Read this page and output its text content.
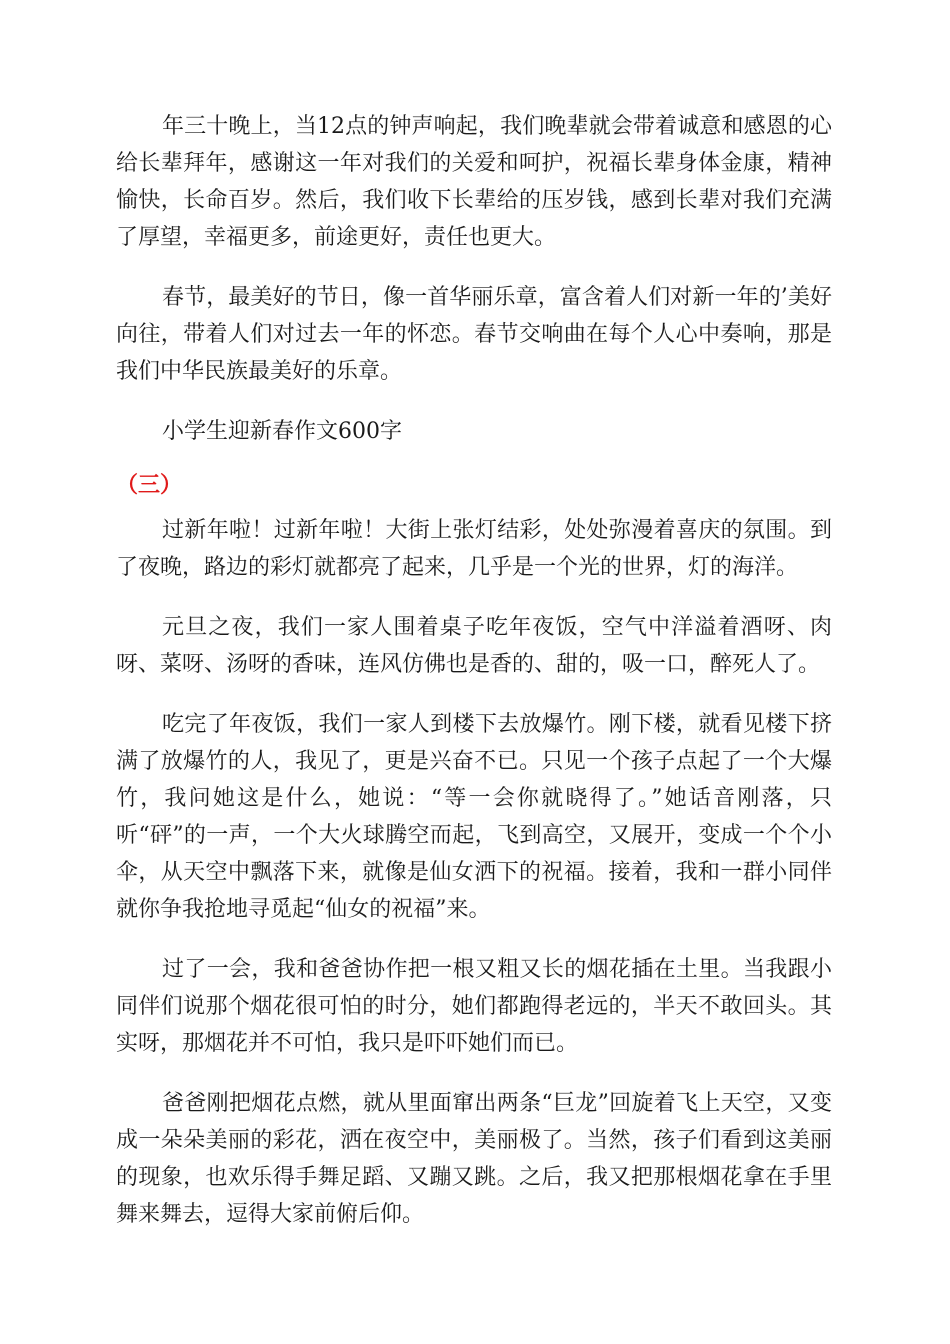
年三十晚上，当12点的钟声响起，我们晚辈就会带着诚意和感恩的心给长辈拜年，感谢这一年对我们的关爱和呵护，祝福长辈身体金康，精神愉快，长命百岁。然后，我们收下长辈给的压岁钱，感到长辈对我们充满了厚望，幸福更多，前途更好，责任也更大。

春节，最美好的节日，像一首华丽乐章，富含着人们对新一年的’美好向往，带着人们对过去一年的怀恋。春节交响曲在每个人心中奏响，那是我们中华民族最美好的乐章。

小学生迎新春作文600字

（三）

过新年啦！过新年啦！大街上张灯结彩，处处弥漫着喜庆的氛围。到了夜晚，路边的彩灯就都亮了起来，几乎是一个光的世界，灯的海洋。

元旦之夜，我们一家人围着桌子吃年夜饭，空气中洋溢着酒呀、肉呀、菜呀、汤呀的香味，连风仿佛也是香的、甜的，吸一口，醉死人了。

吃完了年夜饭，我们一家人到楼下去放爆竹。刚下楼，就看见楼下挤满了放爆竹的人，我见了，更是兴奋不已。只见一个孩子点起了一个大爆竹，我问她这是什么，她说：“等一会你就晓得了。”她话音刚落，只听“砰”的一声，一个大火球腾空而起，飞到高空，又展开，变成一个个小伞，从天空中飘落下来，就像是仙女洒下的祝福。接着，我和一群小同伴就你争我抢地寻觅起“仙女的祝福”来。

过了一会，我和爸爸协作把一根又粗又长的烟花插在土里。当我跟小同伴们说那个烟花很可怕的时分，她们都跑得老远的，半天不敢回头。其实呀，那烟花并不可怕，我只是吓吓她们而已。

爸爸刚把烟花点燃，就从里面窜出两条“巨龙”回旋着飞上天空，又变成一朵朵美丽的彩花，洒在夜空中，美丽极了。当然，孩子们看到这美丽的现象，也欢乐得手舞足蹈、又蹦又跳。之后，我又把那根烟花拿在手里舞来舞去，逗得大家前俯后仰。
